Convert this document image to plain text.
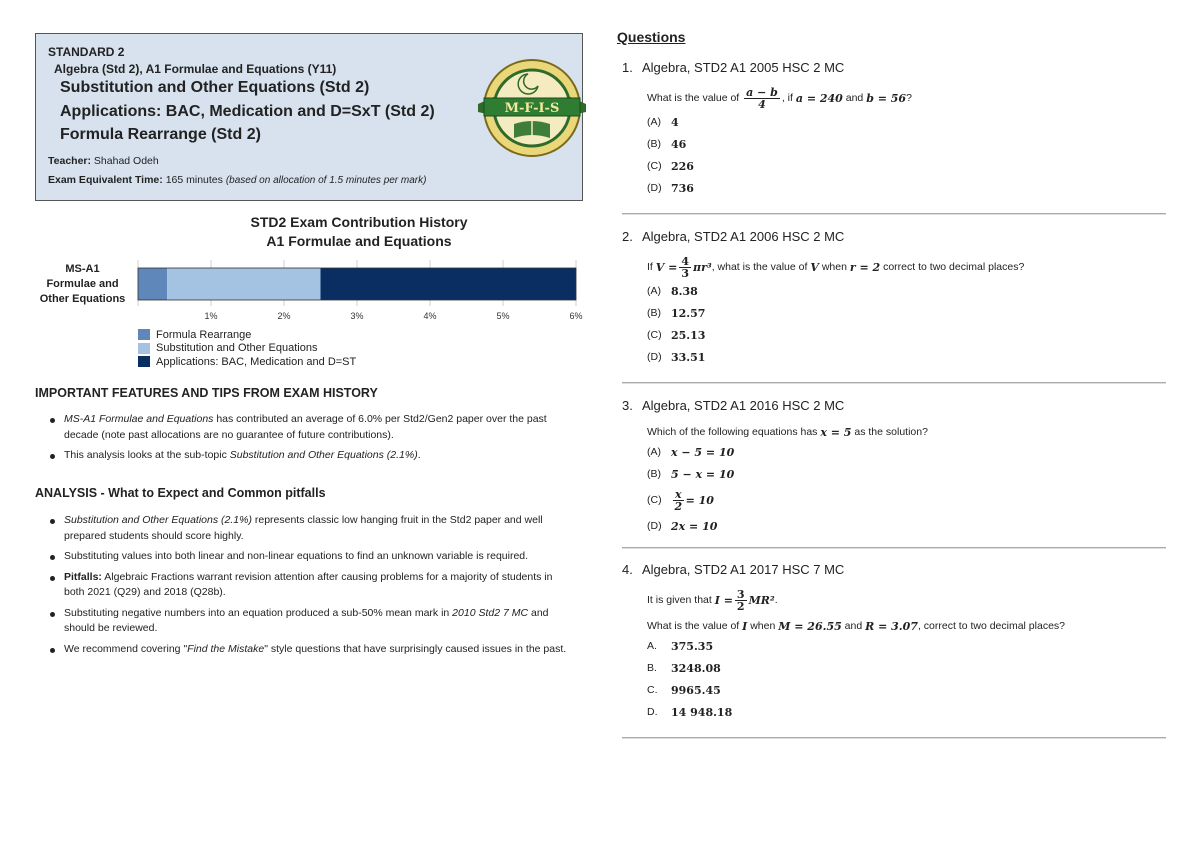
STANDARD 2
Algebra (Std 2), A1 Formulae and Equations (Y11)
Substitution and Other Equations (Std 2)
Applications: BAC, Medication and D=SxT (Std 2)
Formula Rearrange (Std 2)
Teacher: Shahad Odeh
Exam Equivalent Time: 165 minutes (based on allocation of 1.5 minutes per mark)
M-F-I-S
STD2 Exam Contribution History
A1 Formulae and Equations
MS-A1
Formulae and
Other Equations
1%	2%	3%	4%	5%	6%
Formula Rearrange
Substitution and Other Equations
Applications: BAC, Medication and D=ST
IMPORTANT FEATURES AND TIPS FROM EXAM HISTORY
MS-A1 Formulae and Equations has contributed an average of 6.0% per Std2/Gen2 paper over the past decade (note past allocations are no guarantee of future contributions).
This analysis looks at the sub-topic Substitution and Other Equations (2.1%).
ANALYSIS - What to Expect and Common pitfalls
Substitution and Other Equations (2.1%) represents classic low hanging fruit in the Std2 paper and well prepared students should score highly.
Substituting values into both linear and non-linear equations to find an unknown variable is required.
Pitfalls: Algebraic Fractions warrant revision attention after causing problems for a majority of students in both 2021 (Q29) and 2018 (Q28b).
Substituting negative numbers into an equation produced a sub-50% mean mark in 2010 Std2 7 MC and should be reviewed.
We recommend covering "Find the Mistake" style questions that have surprisingly caused issues in the past.
Questions

1. Algebra, STD2 A1 2005 HSC 2 MC

What is the value of
$\frac{a - b}{4}$ , if
a = 240
and
b = 56 ?
(A) 4
(B) 46
(C) 226
(D) 736

2. Algebra, STD2 A1 2006 HSC 2 MC

If
$V = \frac{4}{3} \pi r^3$ , what is the value of
V
when
r = 2
correct to two decimal places?
(A) 8.38
(B) 12.57
(C) 25.13
(D) 33.51

3. Algebra, STD2 A1 2016 HSC 2 MC

Which of the following equations has
x = 5
as the solution?
(A) x − 5 = 10
(B) 5 − x = 10
(C)	$\frac{x}{2} = 10$
(D) 2x = 10

4. Algebra, STD2 A1 2017 HSC 7 MC

It is given that
$I = \frac{3}{2} MR^2$ .
What is the value of
I
when
M = 26.55
and
R = 3.07 , correct to two decimal places?
A.	375.35
B.	3248.08
C.	9965.45
D.	14 948.18
